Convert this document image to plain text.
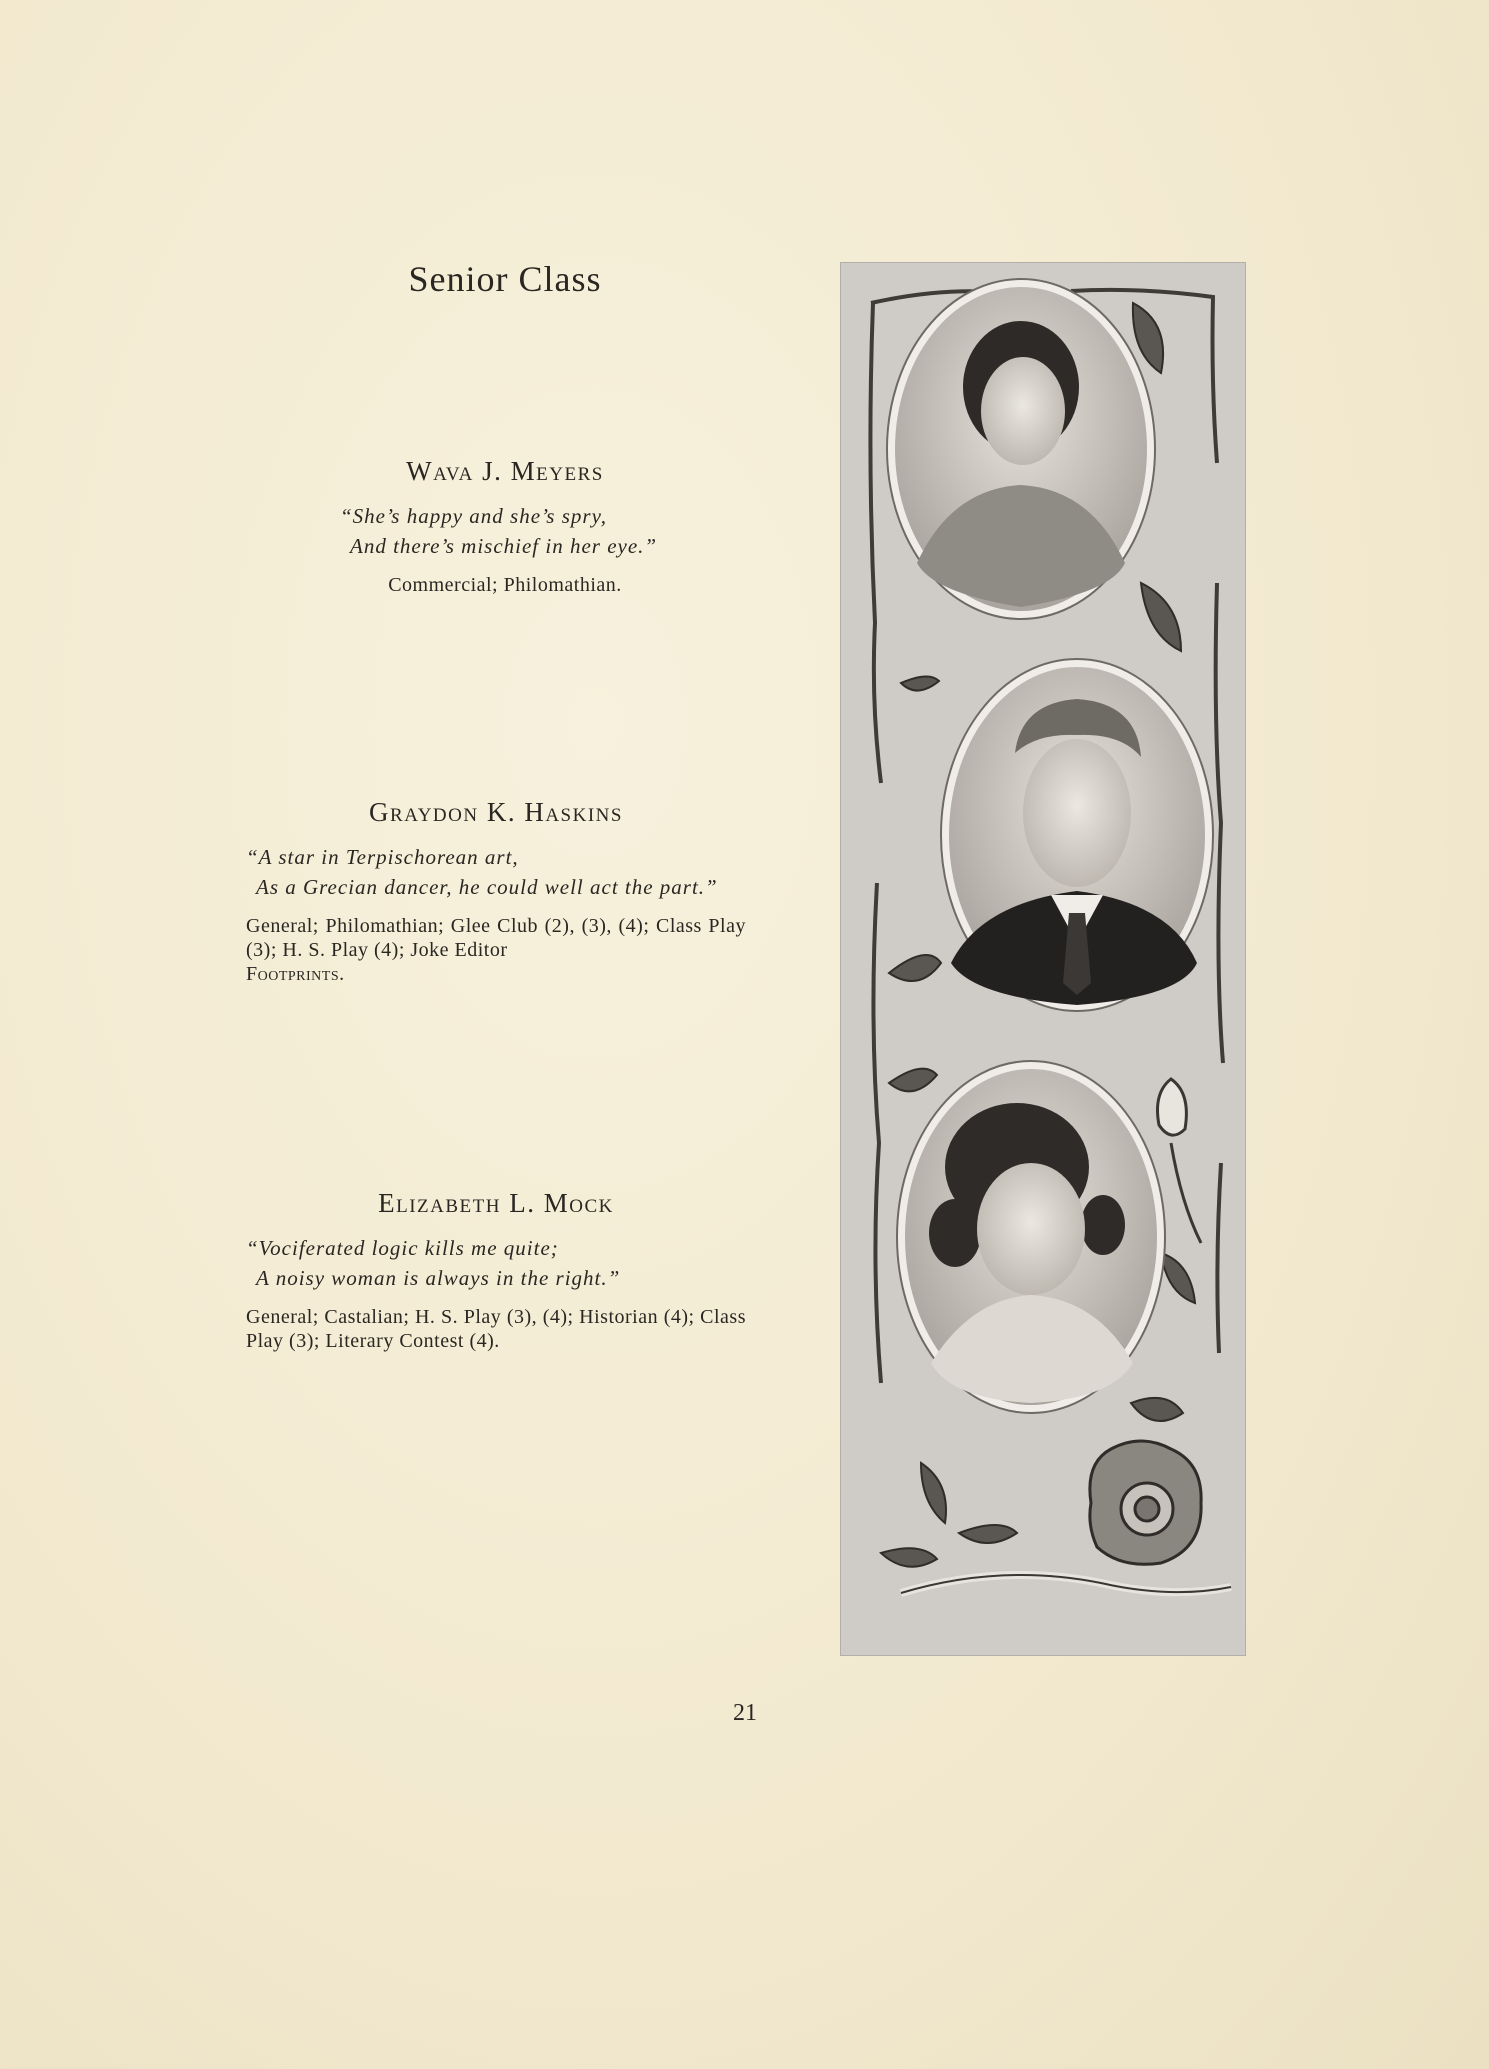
Senior Class
Wava J. Meyers
“She’s happy and she’s spry,
And there’s mischief in her eye.”
Commercial; Philomathian.
Graydon K. Haskins
“A star in Terpischorean art,
As a Grecian dancer, he could well act the part.”
General; Philomathian; Glee Club (2), (3), (4); Class Play (3); H. S. Play (4); Joke Editor
Footprints.
Elizabeth L. Mock
“Vociferated logic kills me quite;
A noisy woman is always in the right.”
General; Castalian; H. S. Play (3), (4); Historian (4); Class Play (3); Literary Contest (4).
21
